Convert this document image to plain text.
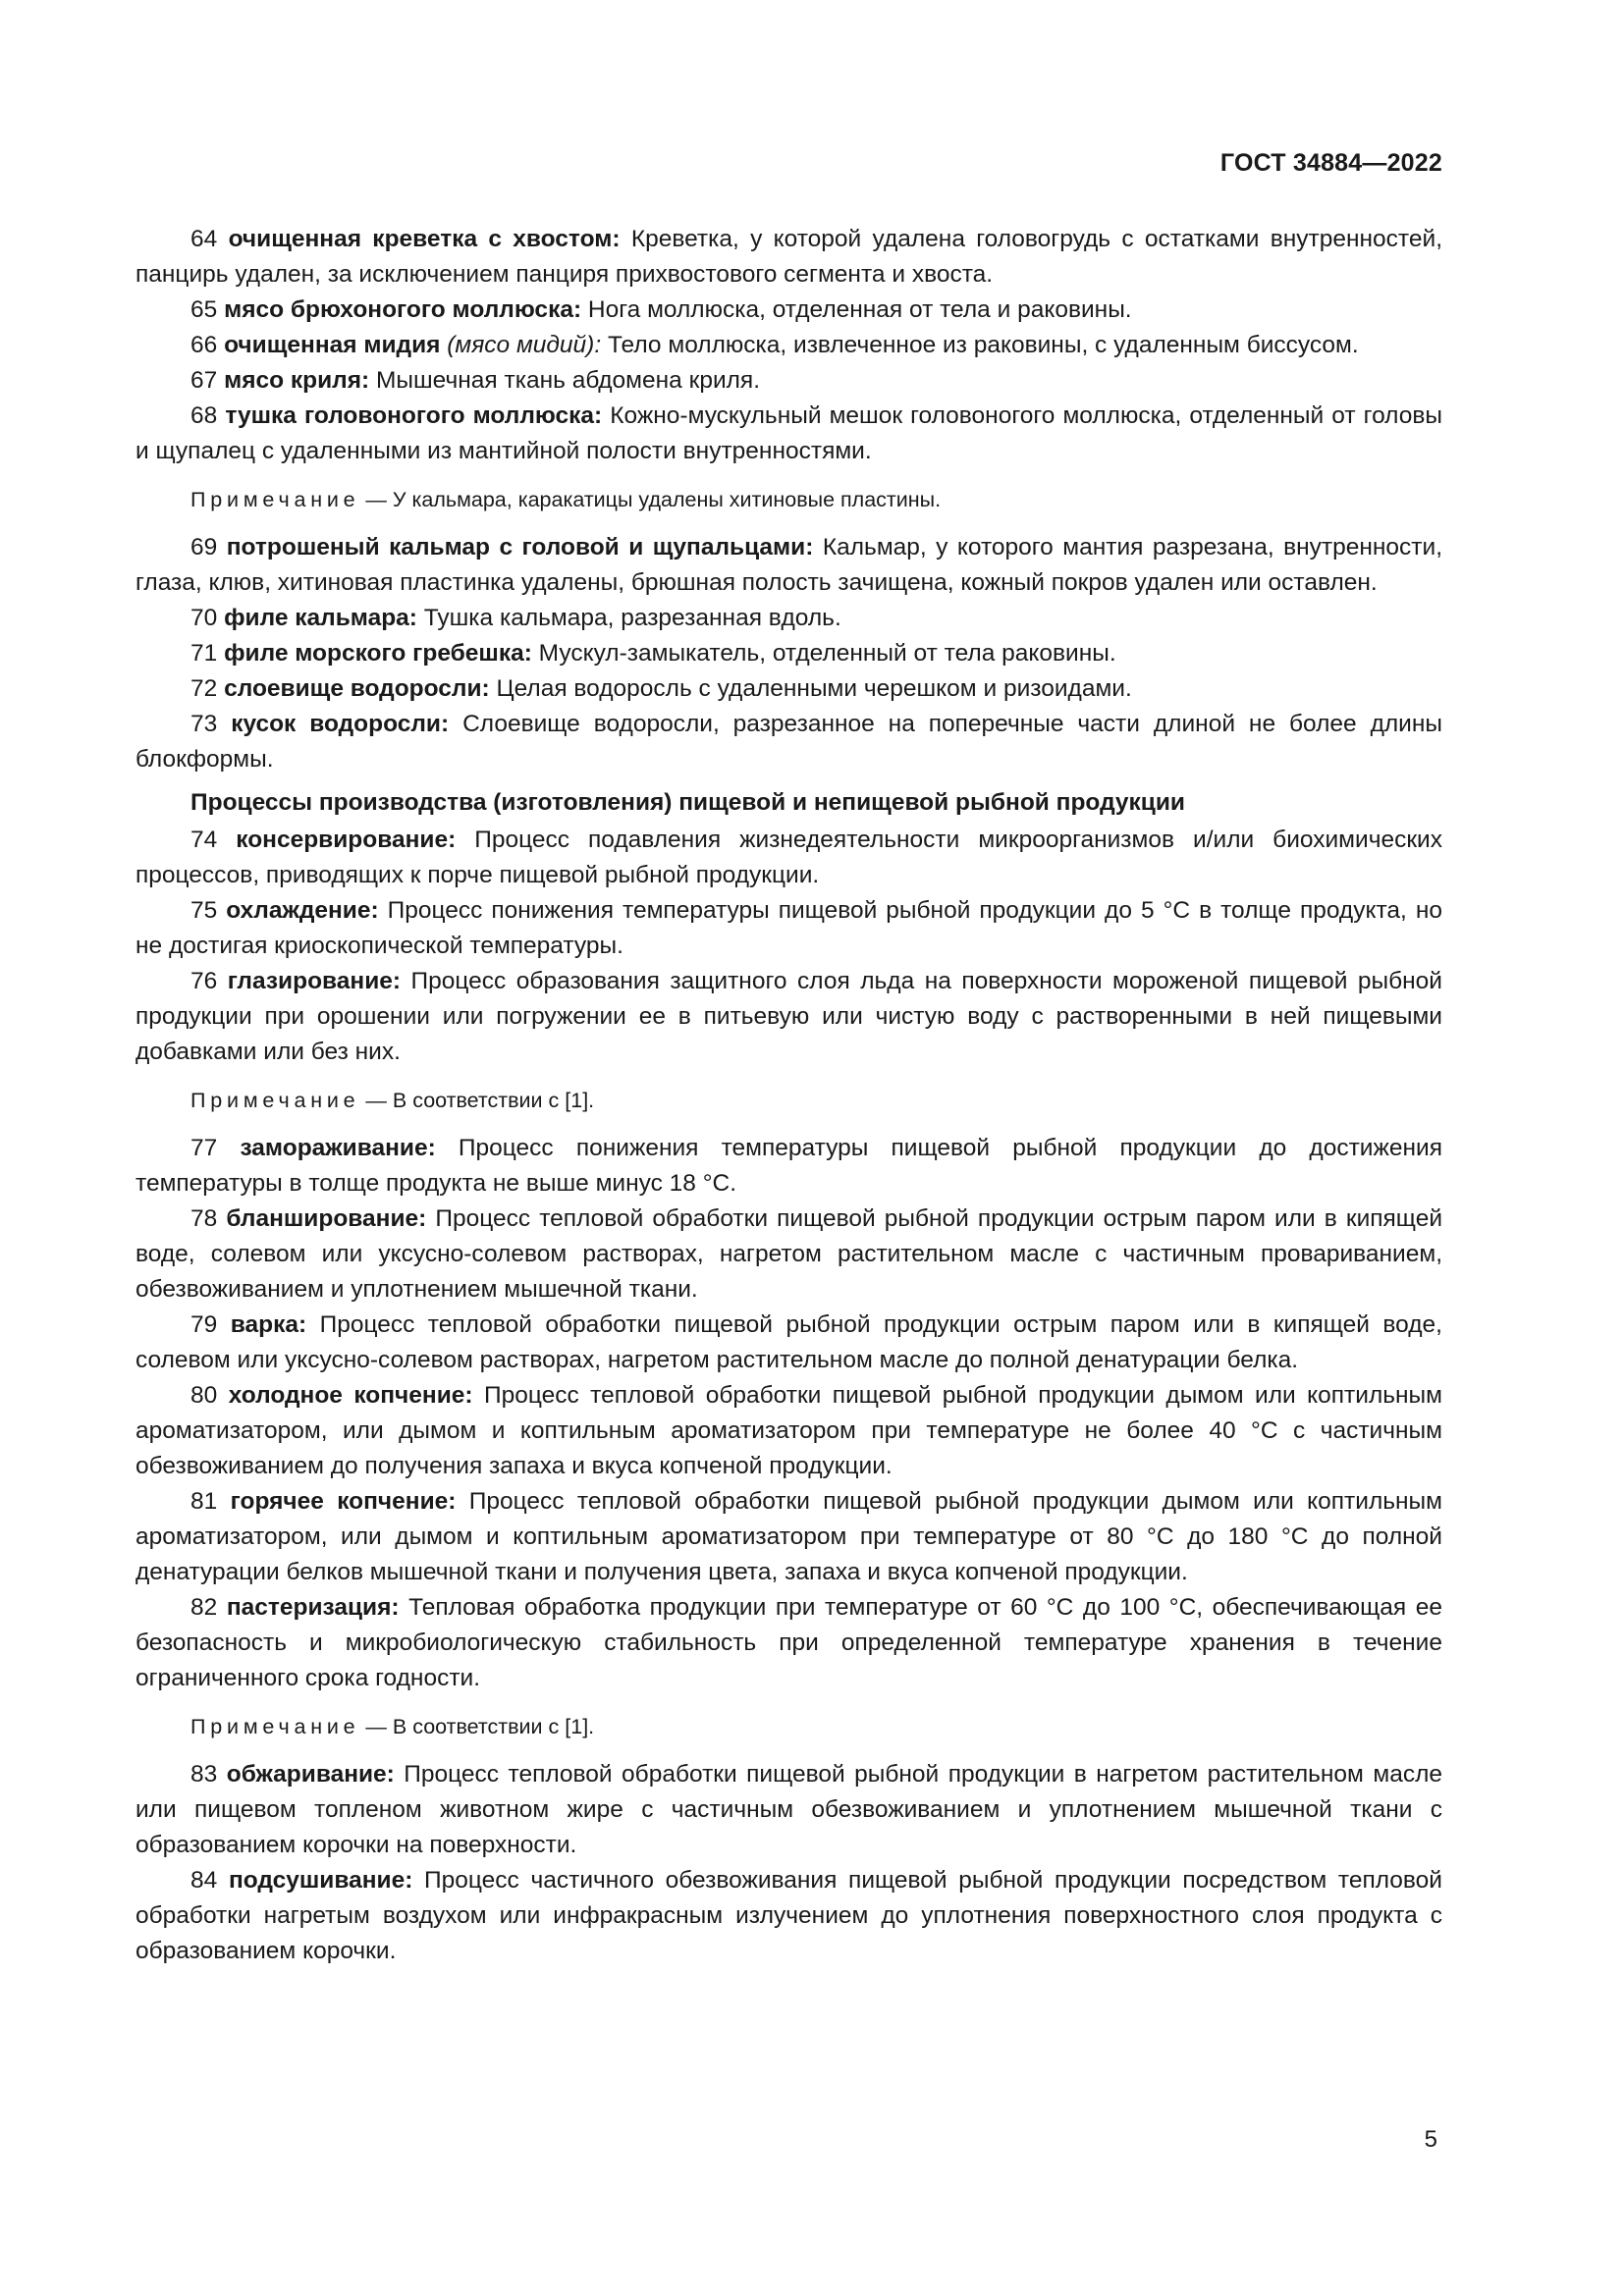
ГОСТ 34884—2022

64 очищенная креветка с хвостом: Креветка, у которой удалена головогрудь с остатками внутренностей, панцирь удален, за исключением панциря прихвостового сегмента и хвоста.

65 мясо брюхоногого моллюска: Нога моллюска, отделенная от тела и раковины.

66 очищенная мидия (мясо мидий): Тело моллюска, извлеченное из раковины, с удаленным биссусом.

67 мясо криля: Мышечная ткань абдомена криля.

68 тушка головоногого моллюска: Кожно-мускульный мешок головоногого моллюска, отделенный от головы и щупалец с удаленными из мантийной полости внутренностями.

Примечание — У кальмара, каракатицы удалены хитиновые пластины.

69 потрошеный кальмар с головой и щупальцами: Кальмар, у которого мантия разрезана, внутренности, глаза, клюв, хитиновая пластинка удалены, брюшная полость зачищена, кожный покров удален или оставлен.

70 филе кальмара: Тушка кальмара, разрезанная вдоль.

71 филе морского гребешка: Мускул-замыкатель, отделенный от тела раковины.

72 слоевище водоросли: Целая водоросль с удаленными черешком и ризоидами.

73 кусок водоросли: Слоевище водоросли, разрезанное на поперечные части длиной не более длины блокформы.

Процессы производства (изготовления) пищевой и непищевой рыбной продукции

74 консервирование: Процесс подавления жизнедеятельности микроорганизмов и/или биохимических процессов, приводящих к порче пищевой рыбной продукции.

75 охлаждение: Процесс понижения температуры пищевой рыбной продукции до 5 °С в толще продукта, но не достигая криоскопической температуры.

76 глазирование: Процесс образования защитного слоя льда на поверхности мороженой пищевой рыбной продукции при орошении или погружении ее в питьевую или чистую воду с растворенными в ней пищевыми добавками или без них.

Примечание — В соответствии с [1].

77 замораживание: Процесс понижения температуры пищевой рыбной продукции до достижения температуры в толще продукта не выше минус 18 °С.

78 бланширование: Процесс тепловой обработки пищевой рыбной продукции острым паром или в кипящей воде, солевом или уксусно-солевом растворах, нагретом растительном масле с частичным провариванием, обезвоживанием и уплотнением мышечной ткани.

79 варка: Процесс тепловой обработки пищевой рыбной продукции острым паром или в кипящей воде, солевом или уксусно-солевом растворах, нагретом растительном масле до полной денатурации белка.

80 холодное копчение: Процесс тепловой обработки пищевой рыбной продукции дымом или коптильным ароматизатором, или дымом и коптильным ароматизатором при температуре не более 40 °С с частичным обезвоживанием до получения запаха и вкуса копченой продукции.

81 горячее копчение: Процесс тепловой обработки пищевой рыбной продукции дымом или коптильным ароматизатором, или дымом и коптильным ароматизатором при температуре от 80 °С до 180 °С до полной денатурации белков мышечной ткани и получения цвета, запаха и вкуса копченой продукции.

82 пастеризация: Тепловая обработка продукции при температуре от 60 °С до 100 °С, обеспечивающая ее безопасность и микробиологическую стабильность при определенной температуре хранения в течение ограниченного срока годности.

Примечание — В соответствии с [1].

83 обжаривание: Процесс тепловой обработки пищевой рыбной продукции в нагретом растительном масле или пищевом топленом животном жире с частичным обезвоживанием и уплотнением мышечной ткани с образованием корочки на поверхности.

84 подсушивание: Процесс частичного обезвоживания пищевой рыбной продукции посредством тепловой обработки нагретым воздухом или инфракрасным излучением до уплотнения поверхностного слоя продукта с образованием корочки.

5
